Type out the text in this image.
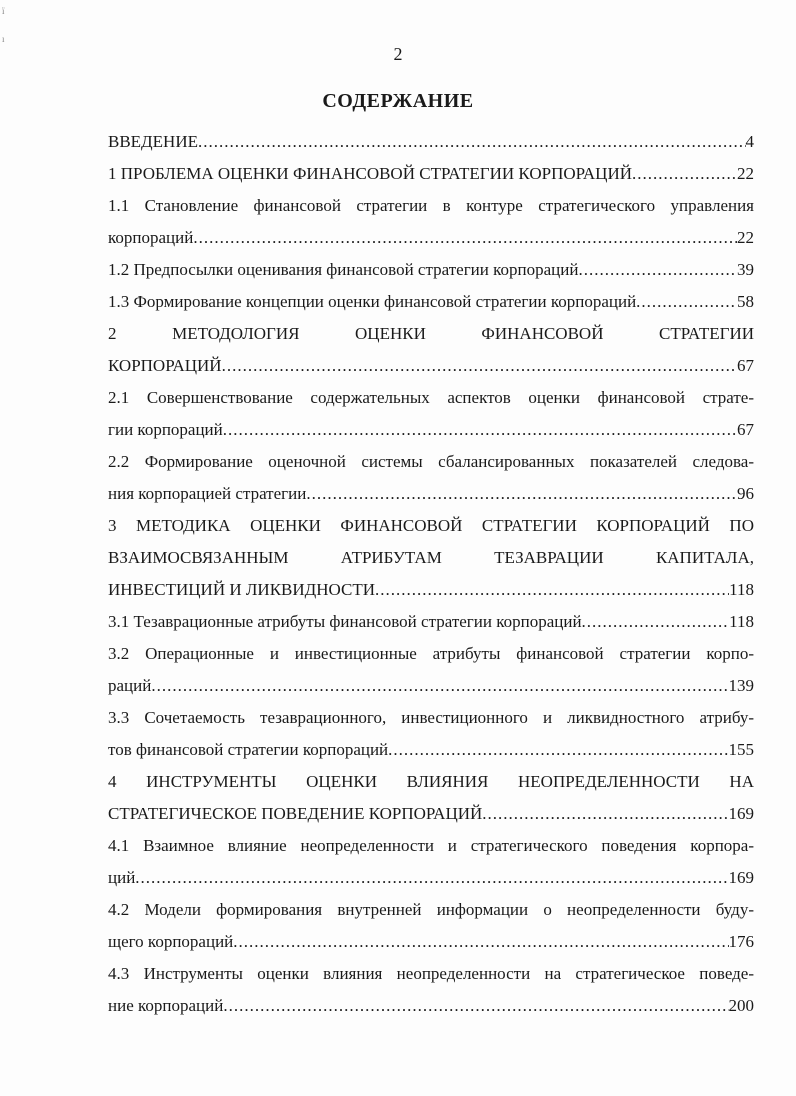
ї
ı
2
СОДЕРЖАНИЕ
ВВЕДЕНИЕ .....	4
1 ПРОБЛЕМА ОЦЕНКИ ФИНАНСОВОЙ СТРАТЕГИИ КОРПОРАЦИЙ .....	22
1.1 Становление финансовой стратегии в контуре стратегического управления
корпораций .....	22
1.2 Предпосылки оценивания финансовой стратегии корпораций .....	39
1.3 Формирование концепции оценки финансовой стратегии корпораций .....	58
2 МЕТОДОЛОГИЯ ОЦЕНКИ ФИНАНСОВОЙ СТРАТЕГИИ
КОРПОРАЦИЙ .....	67
2.1 Совершенствование содержательных аспектов оценки финансовой страте-
гии корпораций .....	67
2.2 Формирование оценочной системы сбалансированных показателей следова-
ния корпорацией стратегии .....	96
3 МЕТОДИКА ОЦЕНКИ ФИНАНСОВОЙ СТРАТЕГИИ КОРПОРАЦИЙ ПО
ВЗАИМОСВЯЗАННЫМ АТРИБУТАМ ТЕЗАВРАЦИИ КАПИТАЛА,
ИНВЕСТИЦИЙ И ЛИКВИДНОСТИ .....	118
3.1 Тезаврационные атрибуты финансовой стратегии корпораций .....	118
3.2 Операционные и инвестиционные атрибуты финансовой стратегии корпо-
раций .....	139
3.3 Сочетаемость тезаврационного, инвестиционного и ликвидностного атрибу-
тов финансовой стратегии корпораций .....	155
4 ИНСТРУМЕНТЫ ОЦЕНКИ ВЛИЯНИЯ НЕОПРЕДЕЛЕННОСТИ НА
СТРАТЕГИЧЕСКОЕ ПОВЕДЕНИЕ КОРПОРАЦИЙ .....	169
4.1 Взаимное влияние неопределенности и стратегического поведения корпора-
ций .....	169
4.2 Модели формирования внутренней информации о неопределенности буду-
щего корпораций .....	176
4.3 Инструменты оценки влияния неопределенности на стратегическое поведе-
ние корпораций .....	200
